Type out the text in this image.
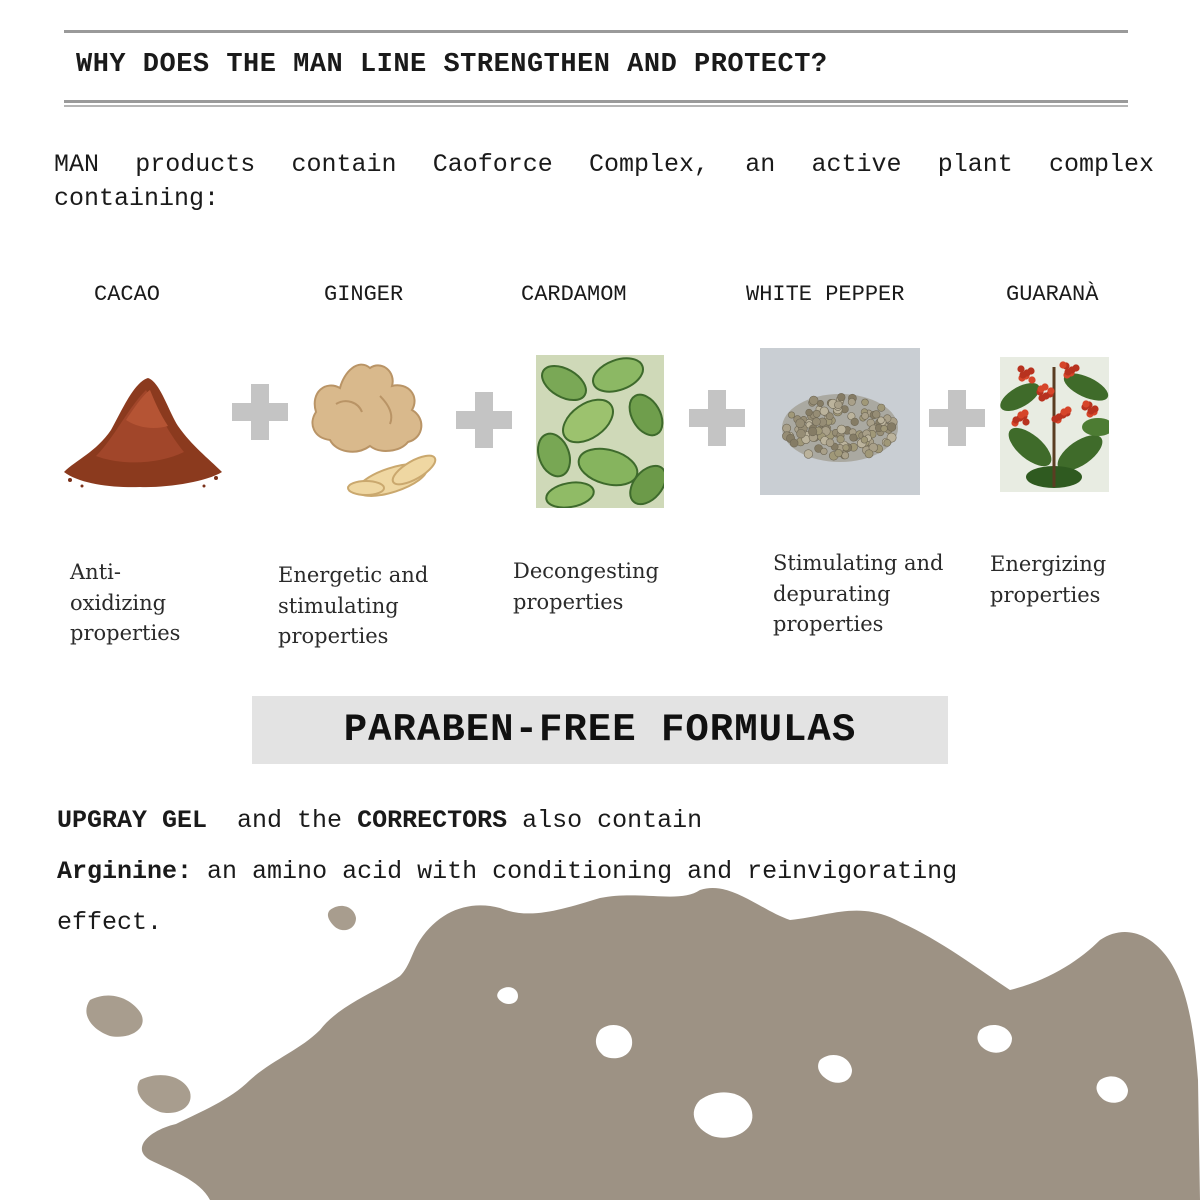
WHY DOES THE MAN LINE STRENGTHEN AND PROTECT?
MAN products contain Caoforce Complex, an active plant complex containing:
CACAO	GINGER	CARDAMOM	WHITE PEPPER	GUARANÀ
Anti-
oxidizing
properties
Energetic and
stimulating
properties
Decongesting
properties
Stimulating and
depurating
properties
Energizing
properties
PARABEN-FREE FORMULAS
UPGRAY GEL and the CORRECTORS also contain
Arginine: an amino acid with conditioning and reinvigorating
effect.
